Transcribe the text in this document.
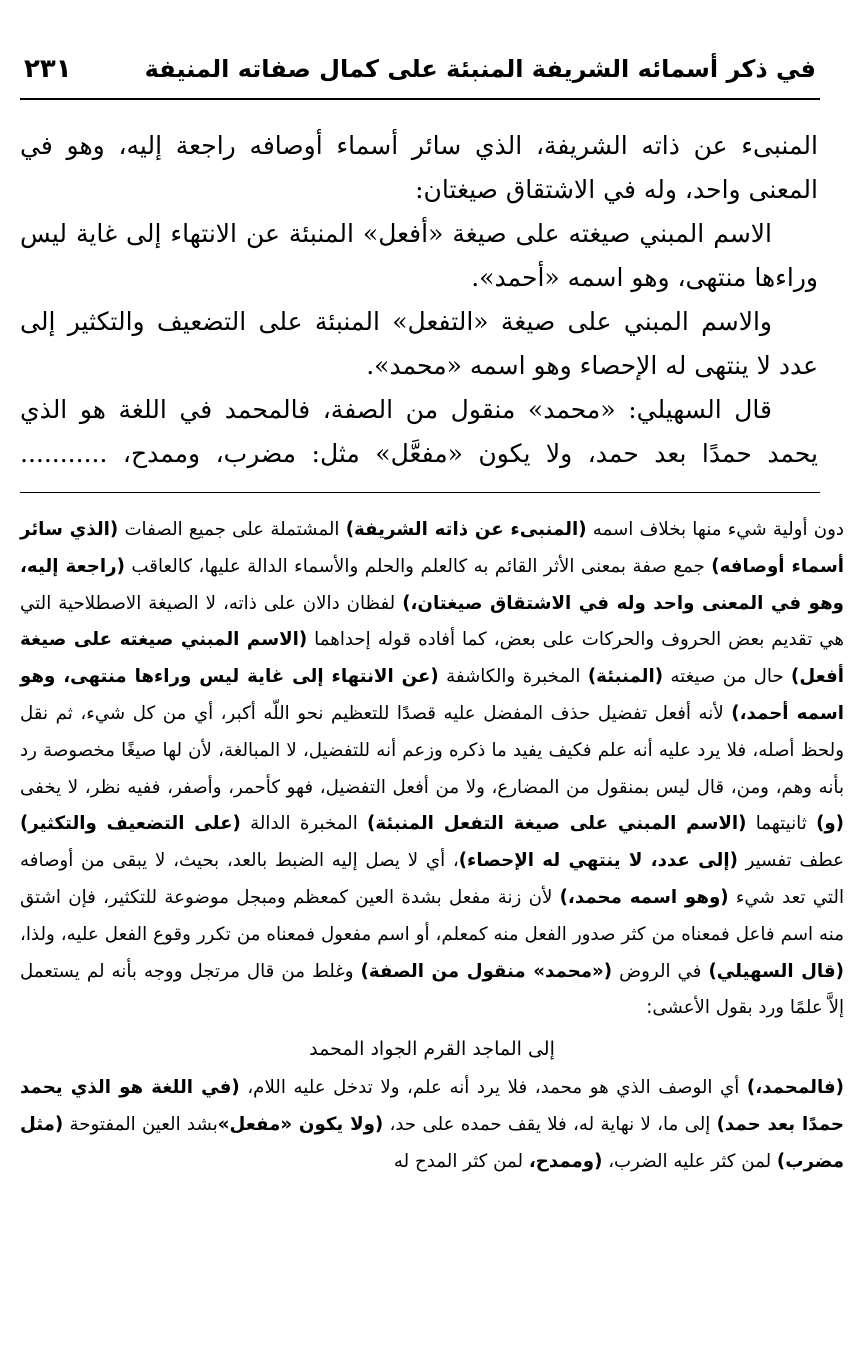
في ذكر أسمائه الشريفة المنبئة على كمال صفاته المنيفة
٢٣١

المنبىء عن ذاته الشريفة، الذي سائر أسماء أوصافه راجعة إليه، وهو في المعنى واحد، وله في الاشتقاق صيغتان:

الاسم المبني صيغته على صيغة «أفعل» المنبئة عن الانتهاء إلى غاية ليس وراءها منتهى، وهو اسمه «أحمد».

والاسم المبني على صيغة «التفعل» المنبئة على التضعيف والتكثير إلى عدد لا ينتهى له الإحصاء وهو اسمه «محمد».

قال السهيلي: «محمد» منقول من الصفة، فالمحمد في اللغة هو الذي يحمد حمدًا بعد حمد، ولا يكون «مفعَّل» مثل: مضرب، وممدح، ...........

دون أولية شيء منها بخلاف اسمه (المنبىء عن ذاته الشريفة) المشتملة على جميع الصفات (الذي سائر أسماء أوصافه) جمع صفة بمعنى الأثر القائم به كالعلم والحلم والأسماء الدالة عليها، كالعاقب (راجعة إليه، وهو في المعنى واحد وله في الاشتقاق صيغتان،) لفظان دالان على ذاته، لا الصيغة الاصطلاحية التي هي تقديم بعض الحروف والحركات على بعض، كما أفاده قوله إحداهما (الاسم المبني صيغته على صيغة أفعل) حال من صيغته (المنبئة) المخبرة والكاشفة (عن الانتهاء إلى غاية ليس وراءها منتهى، وهو اسمه أحمد،) لأنه أفعل تفضيل حذف المفضل عليه قصدًا للتعظيم نحو اللّه أكبر، أي من كل شيء، ثم نقل ولحظ أصله، فلا يرد عليه أنه علم فكيف يفيد ما ذكره وزعم أنه للتفضيل، لا المبالغة، لأن لها صيغًا مخصوصة رد بأنه وهم، ومن، قال ليس بمنقول من المضارع، ولا من أفعل التفضيل، فهو كأحمر، وأصفر، ففيه نظر، لا يخفى (و) ثانيتهما (الاسم المبني على صيغة التفعل المنبئة) المخبرة الدالة (على التضعيف والتكثير) عطف تفسير (إلى عدد، لا ينتهي له الإحصاء)، أي لا يصل إليه الضبط بالعد، بحيث، لا يبقى من أوصافه التي تعد شيء (وهو اسمه محمد،) لأن زنة مفعل بشدة العين كمعظم ومبجل موضوعة للتكثير، فإن اشتق منه اسم فاعل فمعناه من كثر صدور الفعل منه كمعلم، أو اسم مفعول فمعناه من تكرر وقوع الفعل عليه، ولذا، (قال السهيلي) في الروض («محمد» منقول من الصفة) وغلط من قال مرتجل ووجه بأنه لم يستعمل إلاَّ علمًا ورد بقول الأعشى:

إلى الماجد القرم الجواد المحمد

(فالمحمد،) أي الوصف الذي هو محمد، فلا يرد أنه علم، ولا تدخل عليه اللام، (في اللغة هو الذي يحمد حمدًا بعد حمد) إلى ما، لا نهاية له، فلا يقف حمده على حد، (ولا يكون «مفعل»بشد العين المفتوحة (مثل مضرب) لمن كثر عليه الضرب، (وممدح، لمن كثر المدح له
